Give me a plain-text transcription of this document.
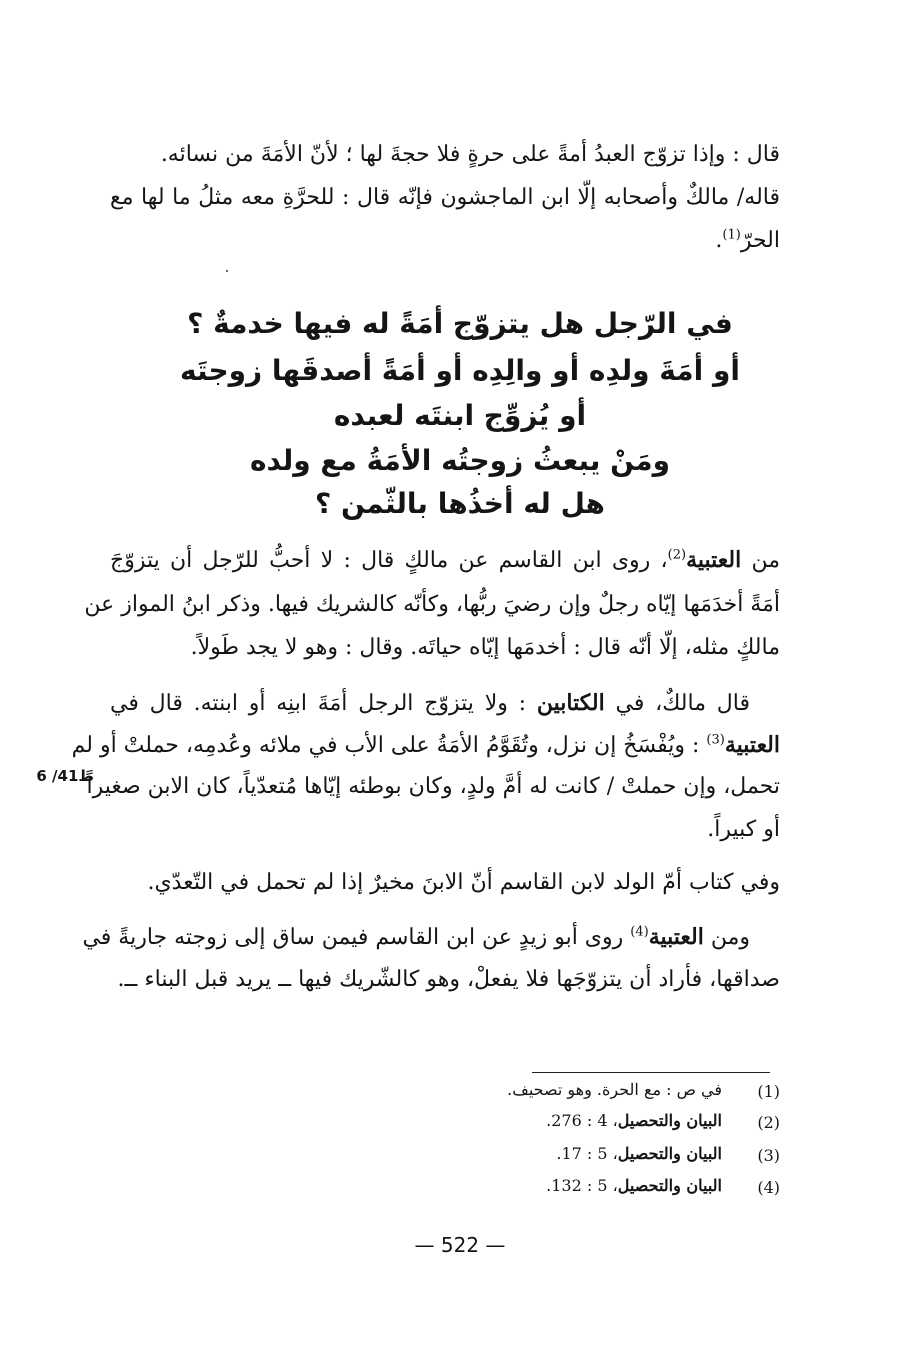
قال : وإذا تزوّج العبدُ أمةً على حرةٍ فلا حجةَ لها ؛ لأنّ الأمَةَ من نسائه.
قاله/ مالكٌ وأصحابه إلّا ابن الماجشون فإنّه قال : للحرَّةِ معه مثلُ ما لها مع
الحرّ$^{(1)}$.
في الرّجل هل يتزوّج أمَةً له فيها خدمةٌ ؟
أو أمَةَ ولدِه أو والِدِه أو أمَةً أصدقَها زوجتَه
أو يُزوِّج ابنتَه لعبده
ومَنْ يبعثُ زوجتُه الأمَةُ مع ولده
هل له أخذُها بالثّمن ؟
من العتبية$^{(2)}$، روى ابن القاسم عن مالكٍ قال : لا أحبُّ للرّجل أن يتزوّجَ
أمَةً أخدَمَها إيّاه رجلٌ وإن رضيَ ربُّها، وكأنّه كالشريك فيها. وذكر ابنُ المواز عن
مالكٍ مثله، إلّا أنّه قال : أخدمَها إيّاه حياتَه. وقال : وهو لا يجد طَولاً.
قال مالكٌ، في الكتابين : ولا يتزوّج الرجل أمَةَ ابنِه أو ابنته. قال في
العتبية$^{(3)}$ : ويُفْسَخُ إن نزل، وتُقَوَّمُ الأمَةُ على الأب في ملائه وعُدمِه، حملتْ أو لم
تحمل، وإن حملتْ / كانت له أمَّ ولدٍ، وكان بوطئه إيّاها مُتعدّياً، كان الابن صغيراً
أو كبيراً.
6 /41ظ
وفي كتاب أمّ الولد لابن القاسم أنّ الابنَ مخيرٌ إذا لم تحمل في التّعدّي.
ومن العتبية$^{(4)}$ روى أبو زيدٍ عن ابن القاسم فيمن ساق إلى زوجته جاريةً في
صداقها، فأراد أن يتزوّجَها فلا يفعلْ، وهو كالشّريك فيها ــ يريد قبل البناء ــ.
(1)
في ص : مع الحرة. وهو تصحيف.
(2)
البيان والتحصيل، 4 : 276.
(3)
البيان والتحصيل، 5 : 17.
(4)
البيان والتحصيل، 5 : 132.
— 522 —
